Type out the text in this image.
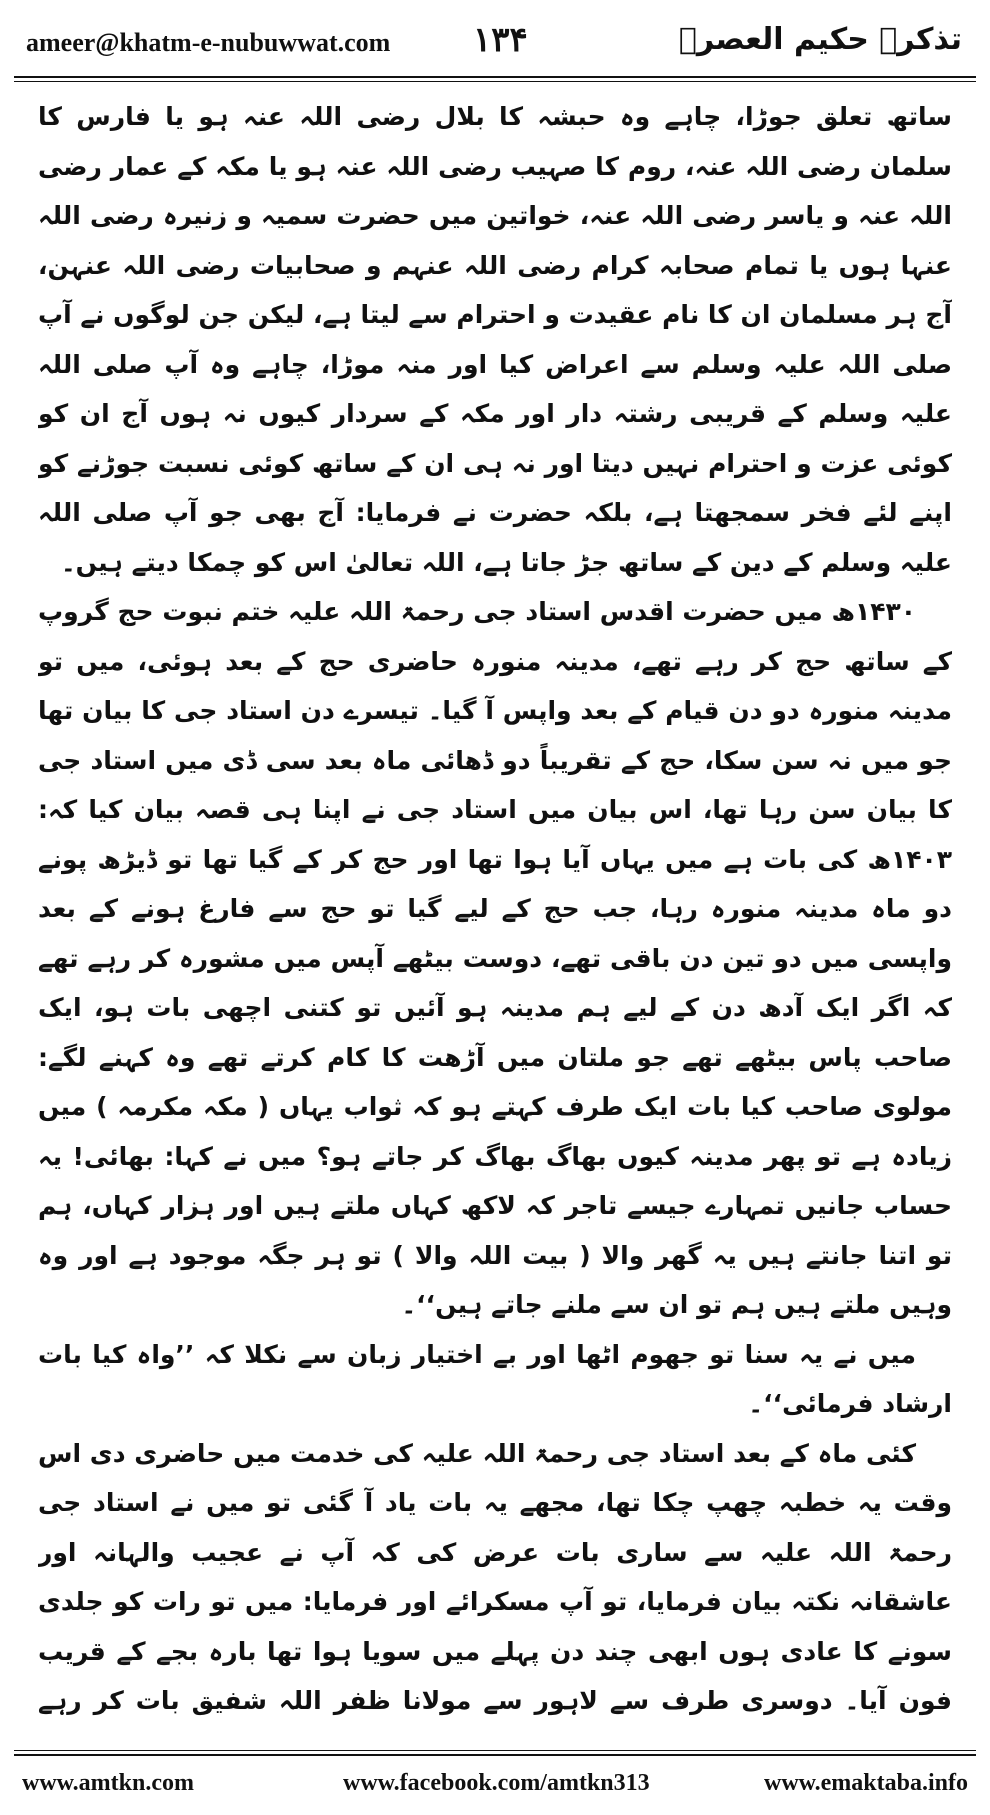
ameer@khatm-e-nubuwwat.com ۱۳۴	تذکرہ حکیم العصرؒ

ساتھ تعلق جوڑا، چاہے وہ حبشہ کا بلال رضی اللہ عنہ ہو یا فارس کا سلمان رضی اللہ عنہ، روم کا صہیب رضی اللہ عنہ ہو یا مکہ کے عمار رضی اللہ عنہ و یاسر رضی اللہ عنہ، خواتین میں حضرت سمیہ و زنیرہ رضی اللہ عنہا ہوں یا تمام صحابہ کرام رضی اللہ عنہم و صحابیات رضی اللہ عنہن، آج ہر مسلمان ان کا نام عقیدت و احترام سے لیتا ہے، لیکن جن لوگوں نے آپ صلی اللہ علیہ وسلم سے اعراض کیا اور منہ موڑا، چاہے وہ آپ صلی اللہ علیہ وسلم کے قریبی رشتہ دار اور مکہ کے سردار کیوں نہ ہوں آج ان کو کوئی عزت و احترام نہیں دیتا اور نہ ہی ان کے ساتھ کوئی نسبت جوڑنے کو اپنے لئے فخر سمجھتا ہے، بلکہ حضرت نے فرمایا: آج بھی جو آپ صلی اللہ علیہ وسلم کے دین کے ساتھ جڑ جاتا ہے، اللہ تعالیٰ اس کو چمکا دیتے ہیں۔

۱۴۳۰ھ میں حضرت اقدس استاد جی رحمۃ اللہ علیہ ختم نبوت حج گروپ کے ساتھ حج کر رہے تھے، مدینہ منورہ حاضری حج کے بعد ہوئی، میں تو مدینہ منورہ دو دن قیام کے بعد واپس آ گیا۔ تیسرے دن استاد جی کا بیان تھا جو میں نہ سن سکا، حج کے تقریباً دو ڈھائی ماہ بعد سی ڈی میں استاد جی کا بیان سن رہا تھا، اس بیان میں استاد جی نے اپنا ہی قصہ بیان کیا کہ: ۱۴۰۳ھ کی بات ہے میں یہاں آیا ہوا تھا اور حج کر کے گیا تھا تو ڈیڑھ پونے دو ماہ مدینہ منورہ رہا، جب حج کے لیے گیا تو حج سے فارغ ہونے کے بعد واپسی میں دو تین دن باقی تھے، دوست بیٹھے آپس میں مشورہ کر رہے تھے کہ اگر ایک آدھ دن کے لیے ہم مدینہ ہو آئیں تو کتنی اچھی بات ہو، ایک صاحب پاس بیٹھے تھے جو ملتان میں آڑھت کا کام کرتے تھے وہ کہنے لگے: مولوی صاحب کیا بات ایک طرف کہتے ہو کہ ثواب یہاں ( مکہ مکرمہ ) میں زیادہ ہے تو پھر مدینہ کیوں بھاگ بھاگ کر جاتے ہو؟ میں نے کہا: بھائی! یہ حساب جانیں تمہارے جیسے تاجر کہ لاکھ کہاں ملتے ہیں اور ہزار کہاں، ہم تو اتنا جانتے ہیں یہ گھر والا ( بیت اللہ والا ) تو ہر جگہ موجود ہے اور وہ وہیں ملتے ہیں ہم تو ان سے ملنے جاتے ہیں‘‘۔

میں نے یہ سنا تو جھوم اٹھا اور بے اختیار زبان سے نکلا کہ ’’واہ کیا بات ارشاد فرمائی‘‘۔

کئی ماہ کے بعد استاد جی رحمۃ اللہ علیہ کی خدمت میں حاضری دی اس وقت یہ خطبہ چھپ چکا تھا، مجھے یہ بات یاد آ گئی تو میں نے استاد جی رحمۃ اللہ علیہ سے ساری بات عرض کی کہ آپ نے عجیب والہانہ اور عاشقانہ نکتہ بیان فرمایا، تو آپ مسکرائے اور فرمایا: میں تو رات کو جلدی سونے کا عادی ہوں ابھی چند دن پہلے میں سویا ہوا تھا بارہ بجے کے قریب فون آیا۔ دوسری طرف سے لاہور سے مولانا ظفر اللہ شفیق بات کر رہے

www.amtkn.com	www.facebook.com/amtkn313	www.emaktaba.info
